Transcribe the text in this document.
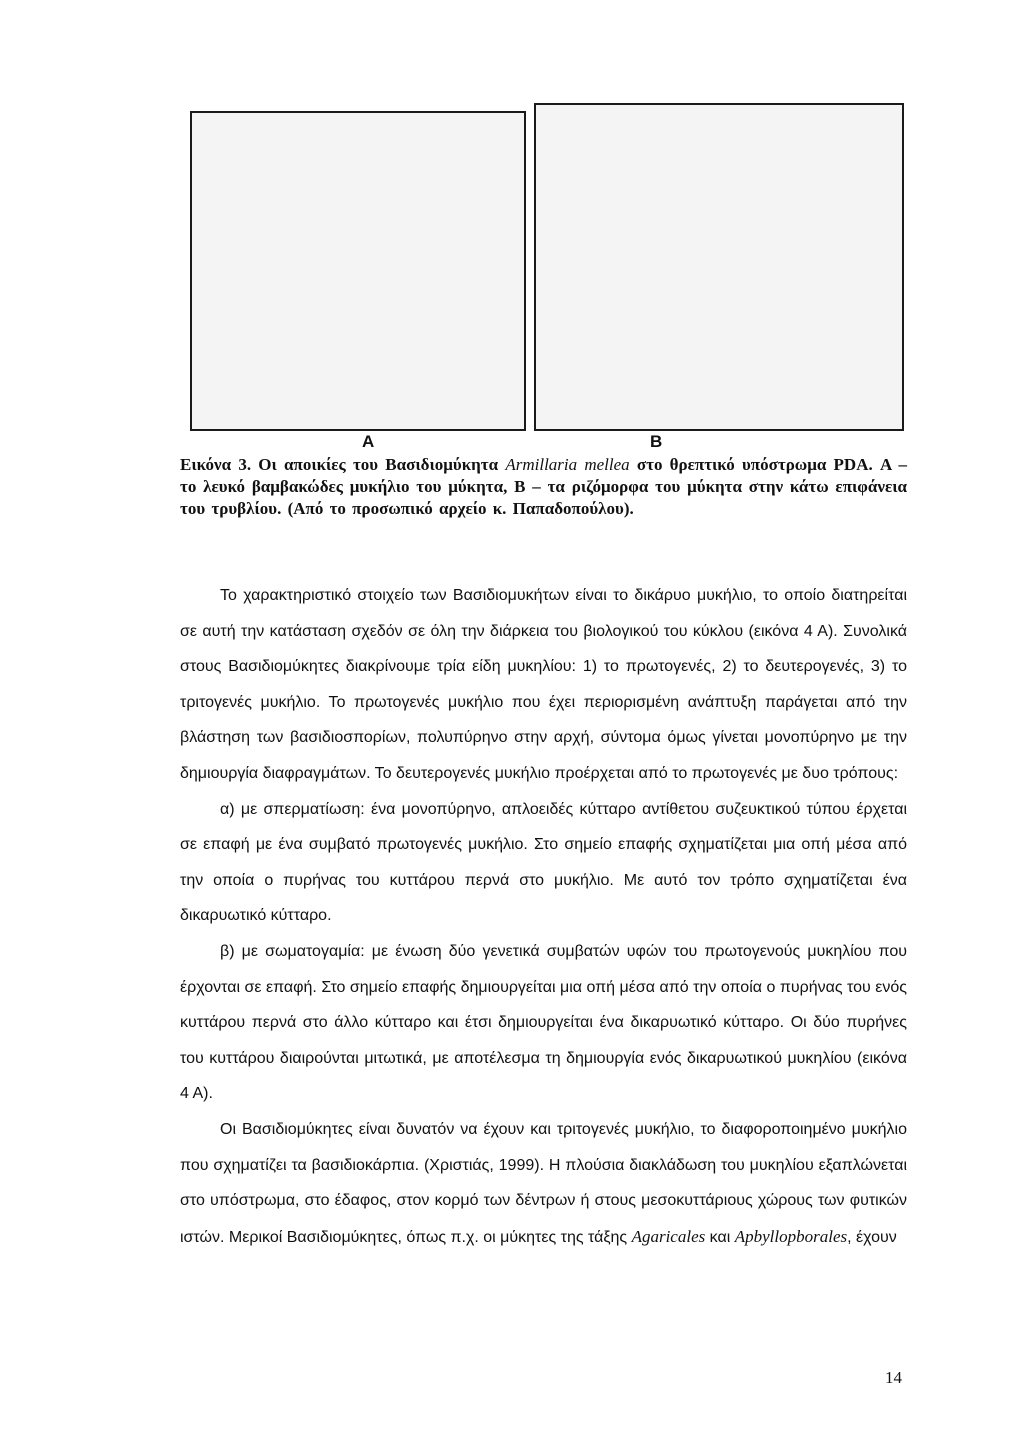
Α	Β
Εικόνα 3. Οι αποικίες του Βασιδιομύκητα Armillaria mellea στο θρεπτικό υπόστρωμα PDA. Α – το λευκό βαμβακώδες μυκήλιο του μύκητα, Β – τα ριζόμορφα του μύκητα στην κάτω επιφάνεια του τρυβλίου. (Από το προσωπικό αρχείο κ. Παπαδοπούλου).

Το χαρακτηριστικό στοιχείο των Βασιδιομυκήτων είναι το δικάρυο μυκήλιο, το οποίο διατηρείται σε αυτή την κατάσταση σχεδόν σε όλη την διάρκεια του βιολογικού του κύκλου (εικόνα 4 Α). Συνολικά στους Βασιδιομύκητες διακρίνουμε τρία είδη μυκηλίου: 1) το πρωτογενές, 2) το δευτερογενές, 3) το τριτογενές μυκήλιο. Το πρωτογενές μυκήλιο που έχει περιορισμένη ανάπτυξη παράγεται από την βλάστηση των βασιδιοσπορίων, πολυπύρηνο στην αρχή, σύντομα όμως γίνεται μονοπύρηνο με την δημιουργία διαφραγμάτων. Το δευτερογενές μυκήλιο προέρχεται από το πρωτογενές με δυο τρόπους:

α) με σπερματίωση: ένα μονοπύρηνο, απλοειδές κύτταρο αντίθετου συζευκτικού τύπου έρχεται σε επαφή με ένα συμβατό πρωτογενές μυκήλιο. Στο σημείο επαφής σχηματίζεται μια οπή μέσα από την οποία ο πυρήνας του κυττάρου περνά στο μυκήλιο. Με αυτό τον τρόπο σχηματίζεται ένα δικαρυωτικό κύτταρο.

β) με σωματογαμία: με ένωση δύο γενετικά συμβατών υφών του πρωτογενούς μυκηλίου που έρχονται σε επαφή. Στο σημείο επαφής δημιουργείται μια οπή μέσα από την οποία ο πυρήνας του ενός κυττάρου περνά στο άλλο κύτταρο και έτσι δημιουργείται ένα δικαρυωτικό κύτταρο. Οι δύο πυρήνες του κυττάρου διαιρούνται μιτωτικά, με αποτέλεσμα τη δημιουργία ενός δικαρυωτικού μυκηλίου (εικόνα 4 Α).

Οι Βασιδιομύκητες είναι δυνατόν να έχουν και τριτογενές μυκήλιο, το διαφοροποιημένο μυκήλιο που σχηματίζει τα βασιδιοκάρπια. (Χριστιάς, 1999). Η πλούσια διακλάδωση του μυκηλίου εξαπλώνεται στο υπόστρωμα, στο έδαφος, στον κορμό των δέντρων ή στους μεσοκυττάριους χώρους των φυτικών ιστών. Μερικοί Βασιδιομύκητες, όπως π.χ. οι μύκητες της τάξης Agaricales και Apbyllopborales, έχουν

14
